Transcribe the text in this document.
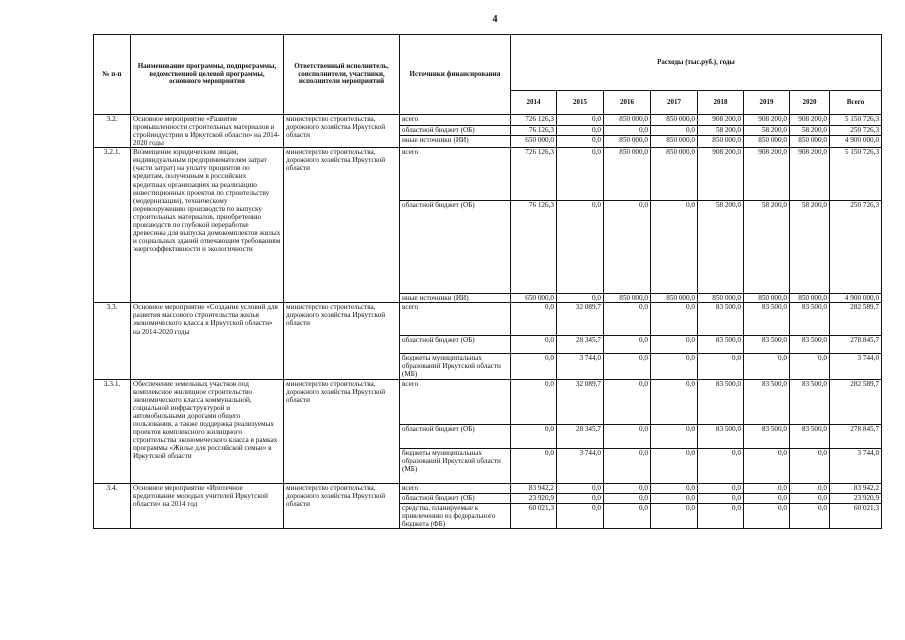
4
№ п-п	Наименование программы, подпрограммы, ведомственной целевой программы, основного мероприятия	Ответственный исполнитель, соисполнители, участники, исполнители мероприятий	Источники финансирования	Расходы (тыс.руб.), годы							
				2014	2015	2016	2017	2018	2019	2020	Всего
3.2.	Основное мероприятие «Развитие промышленности строительных материалов и стройиндустрии в Иркутской области» на 2014-2020 годы	министерство строительства, дорожного хозяйства Иркутской области	всего	726 126,3	0,0	850 000,0	850 000,0	908 200,0	908 200,0	908 200,0	5 150 726,3
			областной бюджет (ОБ)	76 126,3	0,0	0,0	0,0	58 200,0	58 200,0	58 200,0	250 726,3
			иные источники (ИИ)	650 000,0	0,0	850 000,0	850 000,0	850 000,0	850 000,0	850 000,0	4 900 000,0
3.2.1.	Возмещение юридическим лицам, индивидуальным предпринимателям затрат (части затрат) на уплату процентов по кредитам, полученным в российских кредитных организациях на реализацию инвестиционных проектов по строительству (модернизации), техническому перевооружению производств по выпуску строительных материалов, приобретению производств по глубокой переработке древесины для выпуска домокомплектов жилых и социальных зданий отвечающим требованиям энергоэффективности и экологичности	министерство строительства, дорожного хозяйства Иркутской области	всего	726 126,3	0,0	850 000,0	850 000,0	908 200,0	908 200,0	908 200,0	5 150 726,3
			областной бюджет (ОБ)	76 126,3	0,0	0,0	0,0	58 200,0	58 200,0	58 200,0	250 726,3
			иные источники (ИИ)	650 000,0	0,0	850 000,0	850 000,0	850 000,0	850 000,0	850 000,0	4 900 000,0
3.3.	Основное мероприятие «Создание условий для развития массового строительства жилья экономического класса в Иркутской области» на 2014-2020 годы	министерство строительства, дорожного хозяйства Иркутской области	всего	0,0	32 089,7	0,0	0,0	83 500,0	83 500,0	83 500,0	282 589,7
			областной бюджет (ОБ)	0,0	28 345,7	0,0	0,0	83 500,0	83 500,0	83 500,0	278 845,7
			бюджеты муниципальных образований Иркутской области (МБ)	0,0	3 744,0	0,0	0,0	0,0	0,0	0,0	3 744,0
3.3.1.	Обеспечение земельных участков под комплексное жилищное строительство экономического класса коммунальной, социальной инфраструктурой и автомобильными дорогами общего пользования, а также поддержка реализуемых проектов комплексного жилищного строительства экономического класса в рамках программы «Жилье для российской семьи» в Иркутской области	министерство строительства, дорожного хозяйства Иркутской области	всего	0,0	32 089,7	0,0	0,0	83 500,0	83 500,0	83 500,0	282 589,7
			областной бюджет (ОБ)	0,0	28 345,7	0,0	0,0	83 500,0	83 500,0	83 500,0	278 845,7
			бюджеты муниципальных образований Иркутской области (МБ)	0,0	3 744,0	0,0	0,0	0,0	0,0	0,0	3 744,0
3.4.	Основное мероприятие «Ипотечное кредитование молодых учителей Иркутской области» на 2014 год	министерство строительства, дорожного хозяйства Иркутской области	всего	83 942,2	0,0	0,0	0,0	0,0	0,0	0,0	83 942,2
			областной бюджет (ОБ)	23 920,9	0,0	0,0	0,0	0,0	0,0	0,0	23 920,9
			средства, планируемые к привлечению из федерального бюджета (ФБ)	60 021,3	0,0	0,0	0,0	0,0	0,0	0,0	60 021,3
